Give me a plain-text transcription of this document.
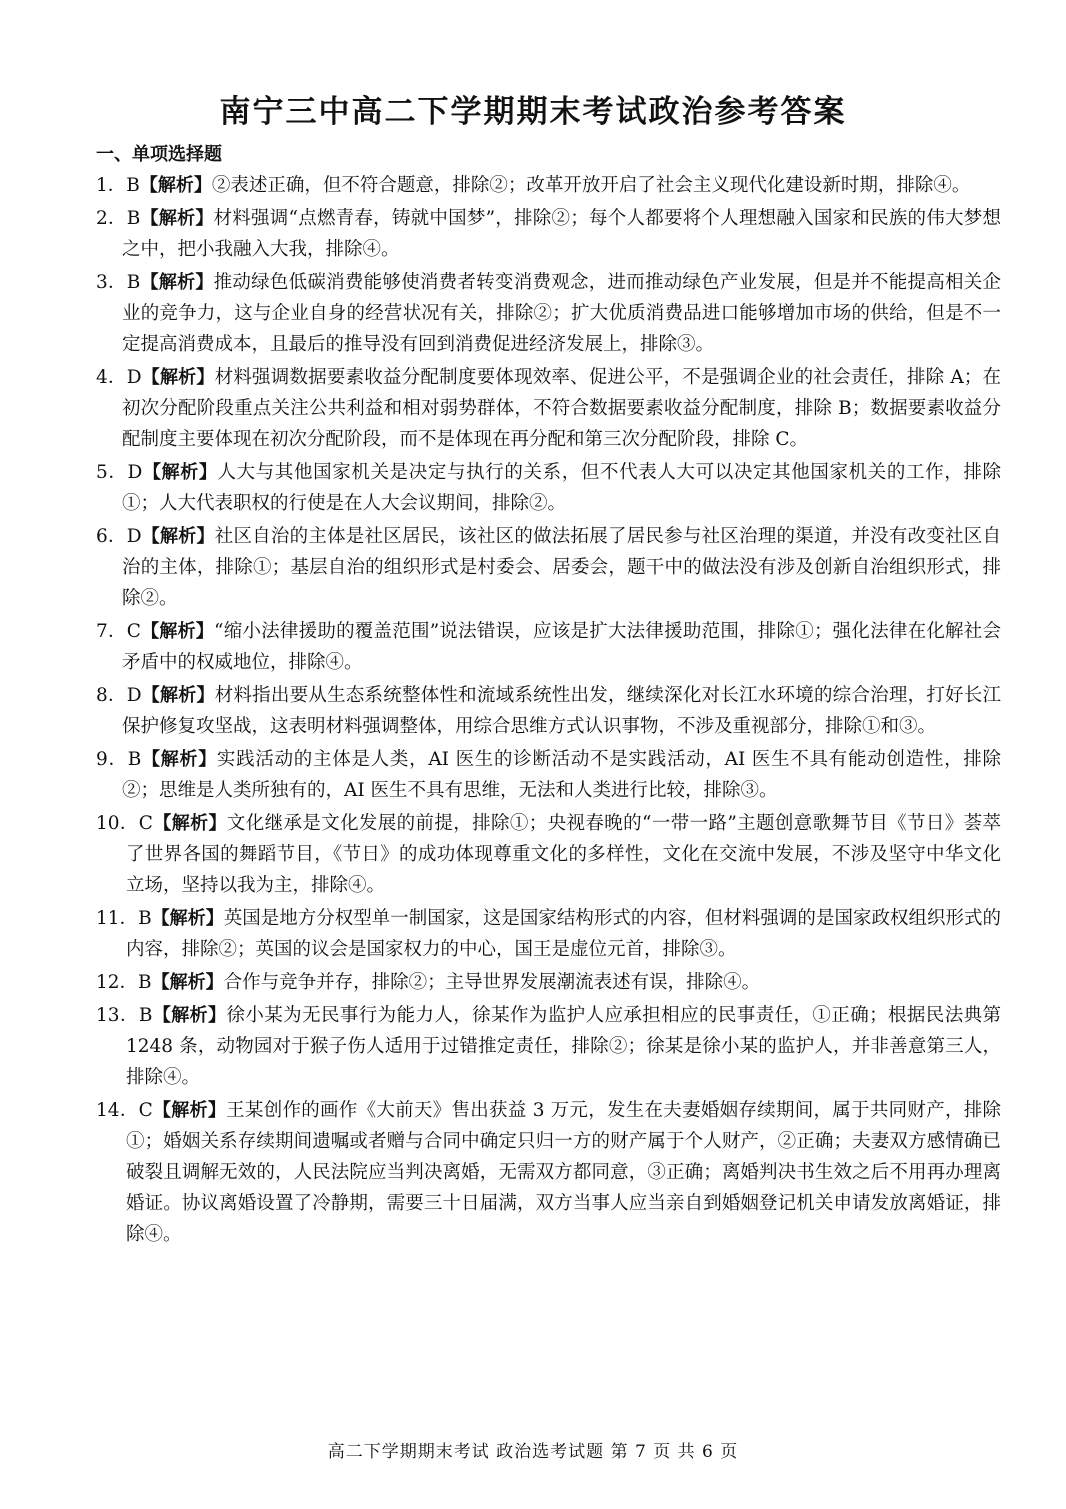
南宁三中高二下学期期末考试政治参考答案
一、单项选择题

1．B【解析】②表述正确，但不符合题意，排除②；改革开放开启了社会主义现代化建设新时期，排除④。

2．B【解析】材料强调“点燃青春，铸就中国梦”，排除②；每个人都要将个人理想融入国家和民族的伟大梦想之中，把小我融入大我，排除④。

3．B【解析】推动绿色低碳消费能够使消费者转变消费观念，进而推动绿色产业发展，但是并不能提高相关企业的竞争力，这与企业自身的经营状况有关，排除②；扩大优质消费品进口能够增加市场的供给，但是不一定提高消费成本，且最后的推导没有回到消费促进经济发展上，排除③。

4．D【解析】材料强调数据要素收益分配制度要体现效率、促进公平，不是强调企业的社会责任，排除 A；在初次分配阶段重点关注公共利益和相对弱势群体，不符合数据要素收益分配制度，排除 B；数据要素收益分配制度主要体现在初次分配阶段，而不是体现在再分配和第三次分配阶段，排除 C。

5．D【解析】人大与其他国家机关是决定与执行的关系，但不代表人大可以决定其他国家机关的工作，排除①；人大代表职权的行使是在人大会议期间，排除②。

6．D【解析】社区自治的主体是社区居民，该社区的做法拓展了居民参与社区治理的渠道，并没有改变社区自治的主体，排除①；基层自治的组织形式是村委会、居委会，题干中的做法没有涉及创新自治组织形式，排除②。

7．C【解析】“缩小法律援助的覆盖范围”说法错误，应该是扩大法律援助范围，排除①；强化法律在化解社会矛盾中的权威地位，排除④。

8．D【解析】材料指出要从生态系统整体性和流域系统性出发，继续深化对长江水环境的综合治理，打好长江保护修复攻坚战，这表明材料强调整体，用综合思维方式认识事物，不涉及重视部分，排除①和③。

9．B【解析】实践活动的主体是人类，AI 医生的诊断活动不是实践活动，AI 医生不具有能动创造性，排除②；思维是人类所独有的，AI 医生不具有思维，无法和人类进行比较，排除③。

10．C【解析】文化继承是文化发展的前提，排除①；央视春晚的“一带一路”主题创意歌舞节目《节日》荟萃了世界各国的舞蹈节目，《节日》的成功体现尊重文化的多样性，文化在交流中发展，不涉及坚守中华文化立场，坚持以我为主，排除④。

11．B【解析】英国是地方分权型单一制国家，这是国家结构形式的内容，但材料强调的是国家政权组织形式的内容，排除②；英国的议会是国家权力的中心，国王是虚位元首，排除③。

12．B【解析】合作与竞争并存，排除②；主导世界发展潮流表述有误，排除④。

13．B【解析】徐小某为无民事行为能力人，徐某作为监护人应承担相应的民事责任，①正确；根据民法典第 1248 条，动物园对于猴子伤人适用于过错推定责任，排除②；徐某是徐小某的监护人，并非善意第三人，排除④。

14．C【解析】王某创作的画作《大前天》售出获益 3 万元，发生在夫妻婚姻存续期间，属于共同财产，排除①；婚姻关系存续期间遗嘱或者赠与合同中确定只归一方的财产属于个人财产，②正确；夫妻双方感情确已破裂且调解无效的，人民法院应当判决离婚，无需双方都同意，③正确；离婚判决书生效之后不用再办理离婚证。协议离婚设置了冷静期，需要三十日届满，双方当事人应当亲自到婚姻登记机关申请发放离婚证，排除④。

高二下学期期末考试 政治选考试题 第 7 页 共 6 页
